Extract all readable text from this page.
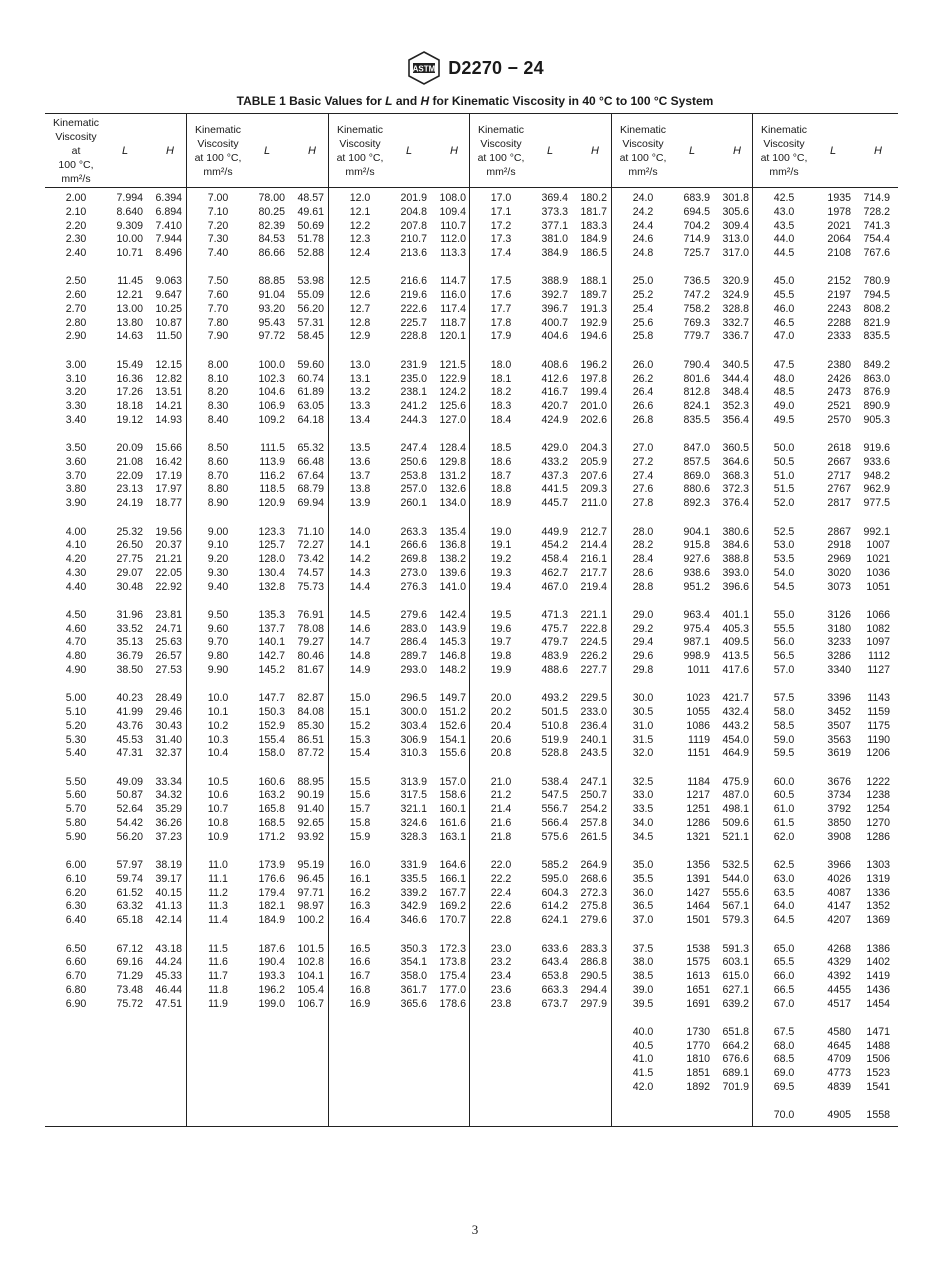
ASTM D2270 − 24
TABLE 1 Basic Values for L and H for Kinematic Viscosity in 40 °C to 100 °C System
Kinematic
Viscosity
at
100 °C,
mm²/s
L	H
2.00	7.994	6.394
2.10	8.640	6.894
2.20	9.309	7.410
2.30	10.00	7.944
2.40	10.71	8.496
2.50	11.45	9.063
2.60	12.21	9.647
2.70	13.00	10.25
2.80	13.80	10.87
2.90	14.63	11.50
3.00	15.49	12.15
3.10	16.36	12.82
3.20	17.26	13.51
3.30	18.18	14.21
3.40	19.12	14.93
3.50	20.09	15.66
3.60	21.08	16.42
3.70	22.09	17.19
3.80	23.13	17.97
3.90	24.19	18.77
4.00	25.32	19.56
4.10	26.50	20.37
4.20	27.75	21.21
4.30	29.07	22.05
4.40	30.48	22.92
4.50	31.96	23.81
4.60	33.52	24.71
4.70	35.13	25.63
4.80	36.79	26.57
4.90	38.50	27.53
5.00	40.23	28.49
5.10	41.99	29.46
5.20	43.76	30.43
5.30	45.53	31.40
5.40	47.31	32.37
5.50	49.09	33.34
5.60	50.87	34.32
5.70	52.64	35.29
5.80	54.42	36.26
5.90	56.20	37.23
6.00	57.97	38.19
6.10	59.74	39.17
6.20	61.52	40.15
6.30	63.32	41.13
6.40	65.18	42.14
6.50	67.12	43.18
6.60	69.16	44.24
6.70	71.29	45.33
6.80	73.48	46.44
6.90	75.72	47.51
Kinematic
Viscosity
at 100 °C,
mm²/s
L	H
7.00	78.00	48.57
7.10	80.25	49.61
7.20	82.39	50.69
7.30	84.53	51.78
7.40	86.66	52.88
7.50	88.85	53.98
7.60	91.04	55.09
7.70	93.20	56.20
7.80	95.43	57.31
7.90	97.72	58.45
8.00	100.0	59.60
8.10	102.3	60.74
8.20	104.6	61.89
8.30	106.9	63.05
8.40	109.2	64.18
8.50	111.5	65.32
8.60	113.9	66.48
8.70	116.2	67.64
8.80	118.5	68.79
8.90	120.9	69.94
9.00	123.3	71.10
9.10	125.7	72.27
9.20	128.0	73.42
9.30	130.4	74.57
9.40	132.8	75.73
9.50	135.3	76.91
9.60	137.7	78.08
9.70	140.1	79.27
9.80	142.7	80.46
9.90	145.2	81.67
10.0	147.7	82.87
10.1	150.3	84.08
10.2	152.9	85.30
10.3	155.4	86.51
10.4	158.0	87.72
10.5	160.6	88.95
10.6	163.2	90.19
10.7	165.8	91.40
10.8	168.5	92.65
10.9	171.2	93.92
11.0	173.9	95.19
11.1	176.6	96.45
11.2	179.4	97.71
11.3	182.1	98.97
11.4	184.9	100.2
11.5	187.6	101.5
11.6	190.4	102.8
11.7	193.3	104.1
11.8	196.2	105.4
11.9	199.0	106.7
Kinematic
Viscosity
at 100 °C,
mm²/s
L	H
12.0	201.9	108.0
12.1	204.8	109.4
12.2	207.8	110.7
12.3	210.7	112.0
12.4	213.6	113.3
12.5	216.6	114.7
12.6	219.6	116.0
12.7	222.6	117.4
12.8	225.7	118.7
12.9	228.8	120.1
13.0	231.9	121.5
13.1	235.0	122.9
13.2	238.1	124.2
13.3	241.2	125.6
13.4	244.3	127.0
13.5	247.4	128.4
13.6	250.6	129.8
13.7	253.8	131.2
13.8	257.0	132.6
13.9	260.1	134.0
14.0	263.3	135.4
14.1	266.6	136.8
14.2	269.8	138.2
14.3	273.0	139.6
14.4	276.3	141.0
14.5	279.6	142.4
14.6	283.0	143.9
14.7	286.4	145.3
14.8	289.7	146.8
14.9	293.0	148.2
15.0	296.5	149.7
15.1	300.0	151.2
15.2	303.4	152.6
15.3	306.9	154.1
15.4	310.3	155.6
15.5	313.9	157.0
15.6	317.5	158.6
15.7	321.1	160.1
15.8	324.6	161.6
15.9	328.3	163.1
16.0	331.9	164.6
16.1	335.5	166.1
16.2	339.2	167.7
16.3	342.9	169.2
16.4	346.6	170.7
16.5	350.3	172.3
16.6	354.1	173.8
16.7	358.0	175.4
16.8	361.7	177.0
16.9	365.6	178.6
Kinematic
Viscosity
at 100 °C,
mm²/s
L	H
17.0	369.4	180.2
17.1	373.3	181.7
17.2	377.1	183.3
17.3	381.0	184.9
17.4	384.9	186.5
17.5	388.9	188.1
17.6	392.7	189.7
17.7	396.7	191.3
17.8	400.7	192.9
17.9	404.6	194.6
18.0	408.6	196.2
18.1	412.6	197.8
18.2	416.7	199.4
18.3	420.7	201.0
18.4	424.9	202.6
18.5	429.0	204.3
18.6	433.2	205.9
18.7	437.3	207.6
18.8	441.5	209.3
18.9	445.7	211.0
19.0	449.9	212.7
19.1	454.2	214.4
19.2	458.4	216.1
19.3	462.7	217.7
19.4	467.0	219.4
19.5	471.3	221.1
19.6	475.7	222.8
19.7	479.7	224.5
19.8	483.9	226.2
19.9	488.6	227.7
20.0	493.2	229.5
20.2	501.5	233.0
20.4	510.8	236.4
20.6	519.9	240.1
20.8	528.8	243.5
21.0	538.4	247.1
21.2	547.5	250.7
21.4	556.7	254.2
21.6	566.4	257.8
21.8	575.6	261.5
22.0	585.2	264.9
22.2	595.0	268.6
22.4	604.3	272.3
22.6	614.2	275.8
22.8	624.1	279.6
23.0	633.6	283.3
23.2	643.4	286.8
23.4	653.8	290.5
23.6	663.3	294.4
23.8	673.7	297.9
Kinematic
Viscosity
at 100 °C,
mm²/s
L	H
24.0	683.9	301.8
24.2	694.5	305.6
24.4	704.2	309.4
24.6	714.9	313.0
24.8	725.7	317.0
25.0	736.5	320.9
25.2	747.2	324.9
25.4	758.2	328.8
25.6	769.3	332.7
25.8	779.7	336.7
26.0	790.4	340.5
26.2	801.6	344.4
26.4	812.8	348.4
26.6	824.1	352.3
26.8	835.5	356.4
27.0	847.0	360.5
27.2	857.5	364.6
27.4	869.0	368.3
27.6	880.6	372.3
27.8	892.3	376.4
28.0	904.1	380.6
28.2	915.8	384.6
28.4	927.6	388.8
28.6	938.6	393.0
28.8	951.2	396.6
29.0	963.4	401.1
29.2	975.4	405.3
29.4	987.1	409.5
29.6	998.9	413.5
29.8	1011	417.6
30.0	1023	421.7
30.5	1055	432.4
31.0	1086	443.2
31.5	1119	454.0
32.0	1151	464.9
32.5	1184	475.9
33.0	1217	487.0
33.5	1251	498.1
34.0	1286	509.6
34.5	1321	521.1
35.0	1356	532.5
35.5	1391	544.0
36.0	1427	555.6
36.5	1464	567.1
37.0	1501	579.3
37.5	1538	591.3
38.0	1575	603.1
38.5	1613	615.0
39.0	1651	627.1
39.5	1691	639.2
40.0	1730	651.8
40.5	1770	664.2
41.0	1810	676.6
41.5	1851	689.1
42.0	1892	701.9
Kinematic
Viscosity
at 100 °C,
mm²/s
L	H
42.5	1935	714.9
43.0	1978	728.2
43.5	2021	741.3
44.0	2064	754.4
44.5	2108	767.6
45.0	2152	780.9
45.5	2197	794.5
46.0	2243	808.2
46.5	2288	821.9
47.0	2333	835.5
47.5	2380	849.2
48.0	2426	863.0
48.5	2473	876.9
49.0	2521	890.9
49.5	2570	905.3
50.0	2618	919.6
50.5	2667	933.6
51.0	2717	948.2
51.5	2767	962.9
52.0	2817	977.5
52.5	2867	992.1
53.0	2918	1007
53.5	2969	1021
54.0	3020	1036
54.5	3073	1051
55.0	3126	1066
55.5	3180	1082
56.0	3233	1097
56.5	3286	1112
57.0	3340	1127
57.5	3396	1143
58.0	3452	1159
58.5	3507	1175
59.0	3563	1190
59.5	3619	1206
60.0	3676	1222
60.5	3734	1238
61.0	3792	1254
61.5	3850	1270
62.0	3908	1286
62.5	3966	1303
63.0	4026	1319
63.5	4087	1336
64.0	4147	1352
64.5	4207	1369
65.0	4268	1386
65.5	4329	1402
66.0	4392	1419
66.5	4455	1436
67.0	4517	1454
67.5	4580	1471
68.0	4645	1488
68.5	4709	1506
69.0	4773	1523
69.5	4839	1541
70.0	4905	1558
3
